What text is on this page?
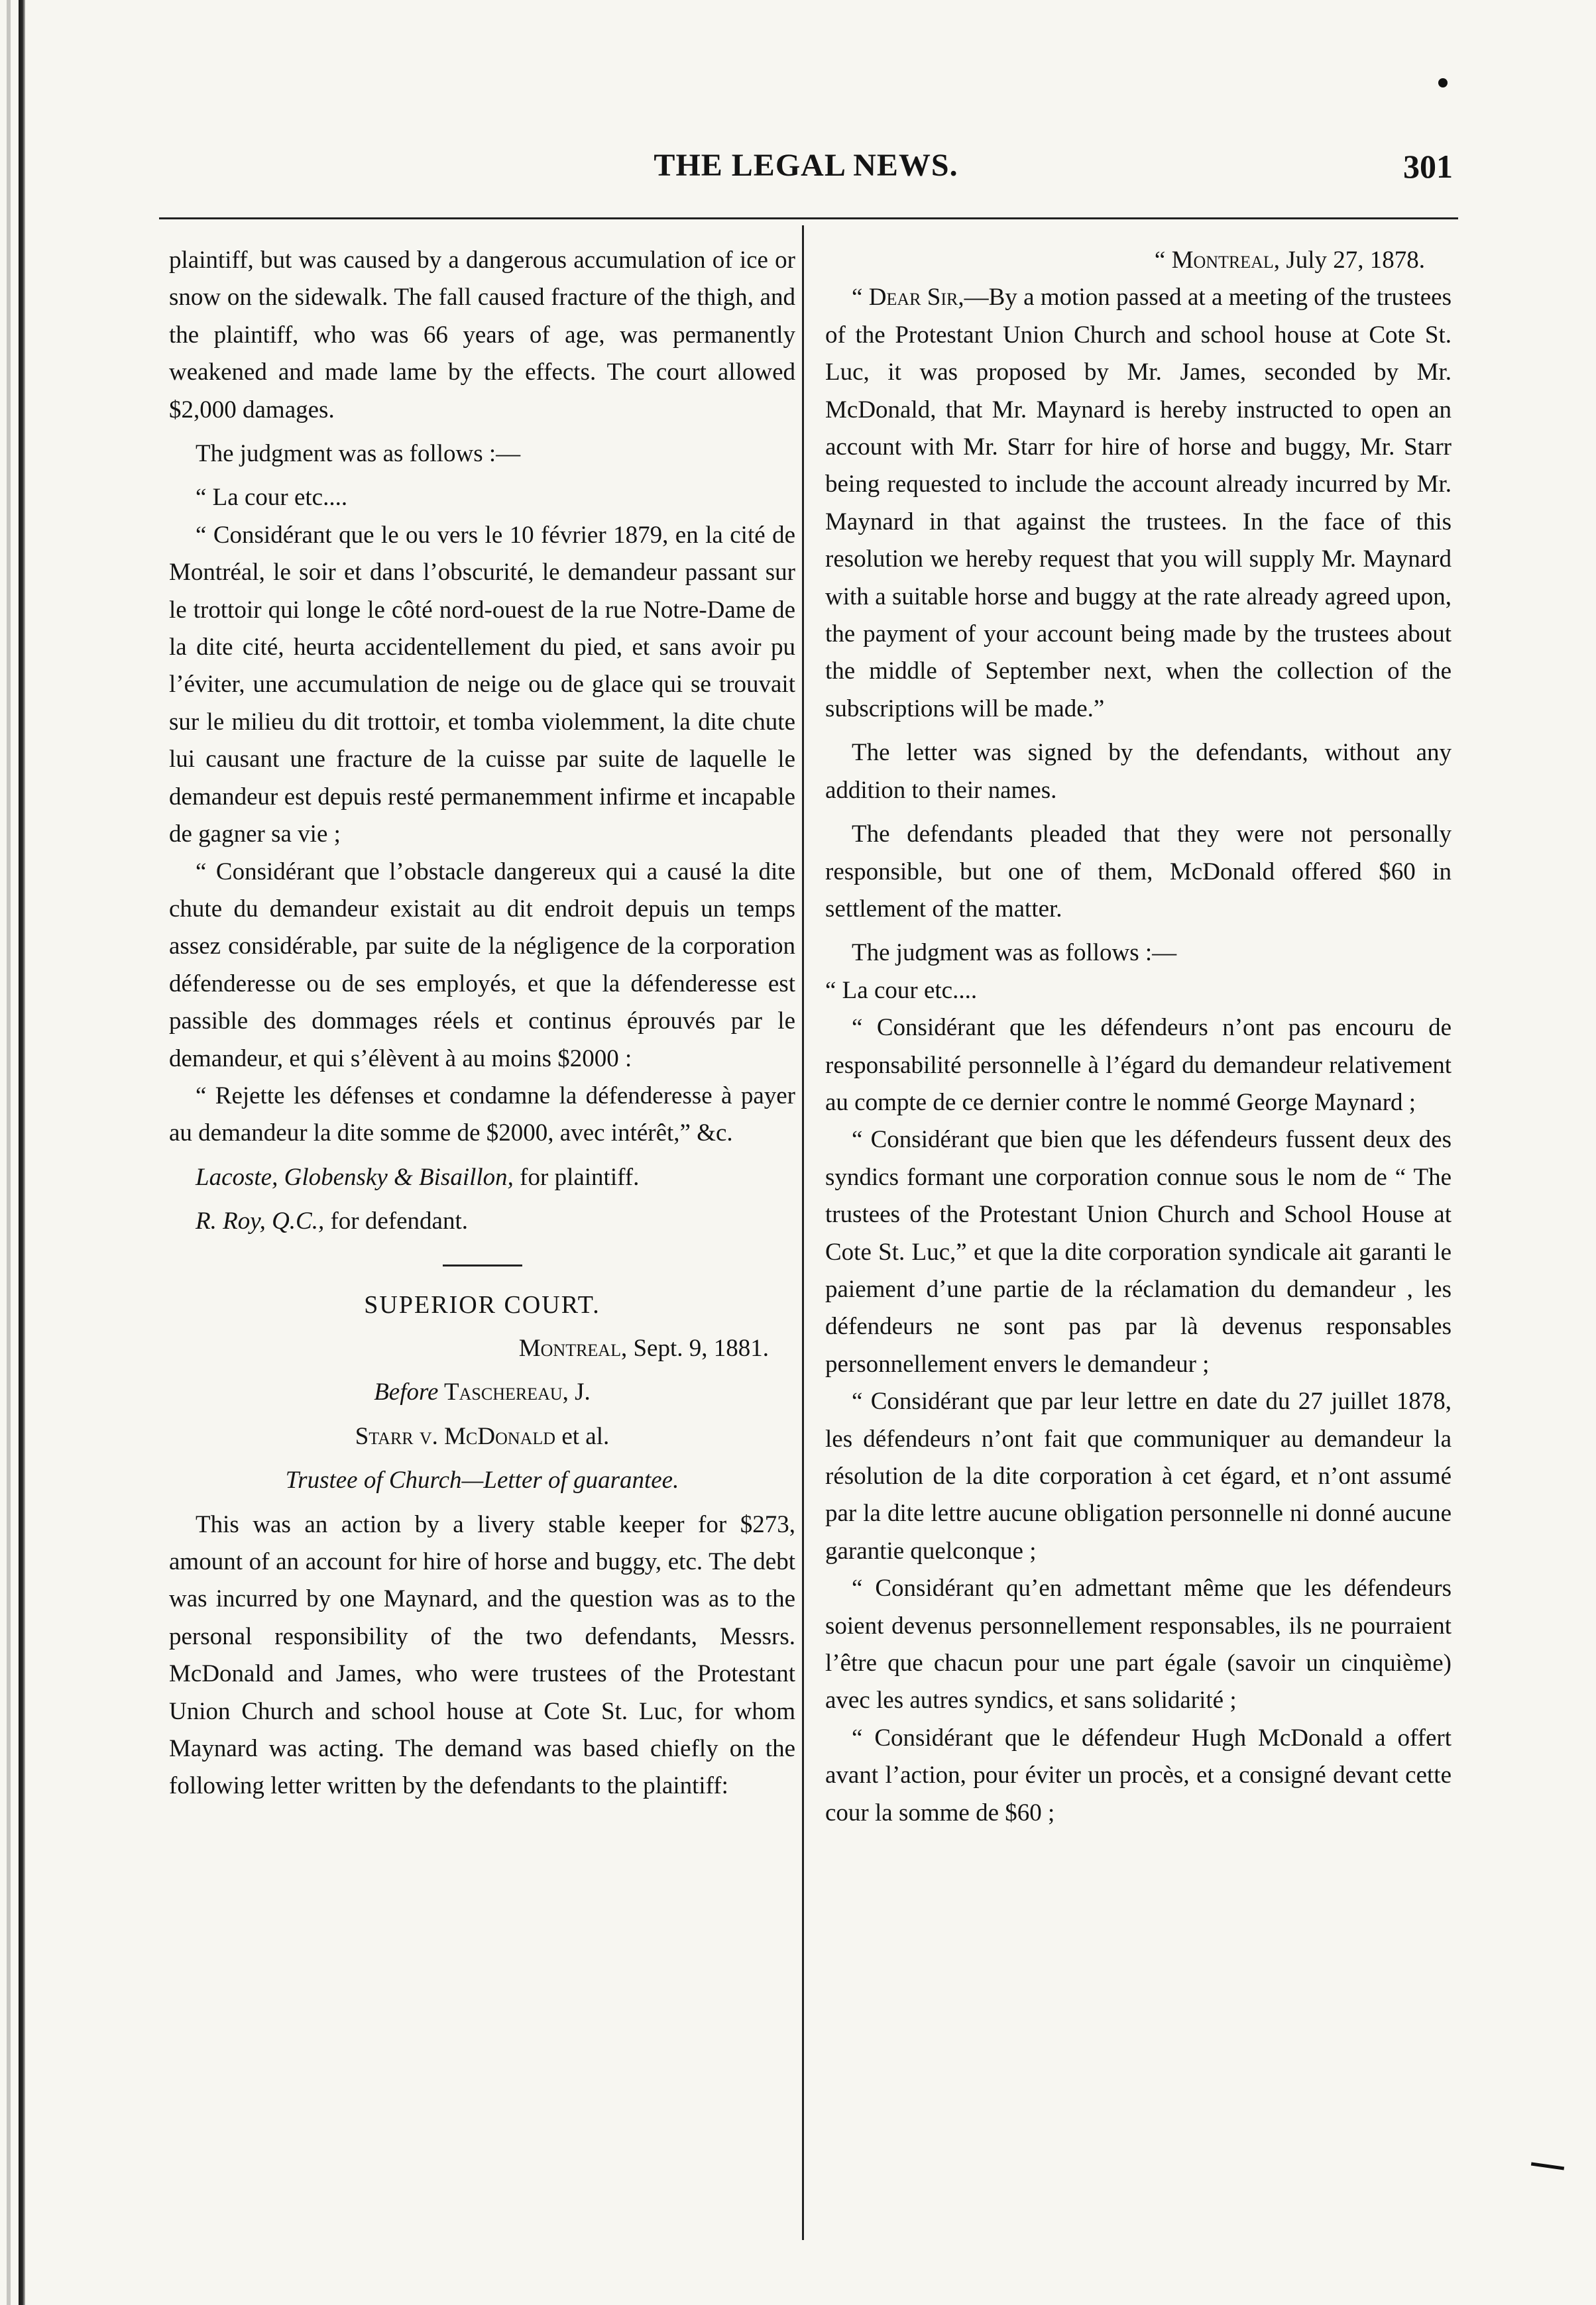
THE LEGAL NEWS.	301

plaintiff, but was caused by a dangerous accumulation of ice or snow on the sidewalk. The fall caused fracture of the thigh, and the plaintiff, who was 66 years of age, was permanently weakened and made lame by the effects. The court allowed $2,000 damages.

The judgment was as follows :—

“ La cour etc....

“ Considérant que le ou vers le 10 février 1879, en la cité de Montréal, le soir et dans l’obscurité, le demandeur passant sur le trottoir qui longe le côté nord-ouest de la rue Notre-Dame de la dite cité, heurta accidentellement du pied, et sans avoir pu l’éviter, une accumulation de neige ou de glace qui se trouvait sur le milieu du dit trottoir, et tomba violemment, la dite chute lui causant une fracture de la cuisse par suite de laquelle le demandeur est depuis resté permanemment infirme et incapable de gagner sa vie ;

“ Considérant que l’obstacle dangereux qui a causé la dite chute du demandeur existait au dit endroit depuis un temps assez considérable, par suite de la négligence de la corporation défenderesse ou de ses employés, et que la défenderesse est passible des dommages réels et continus éprouvés par le demandeur, et qui s’élèvent à au moins $2000 :

“ Rejette les défenses et condamne la défenderesse à payer au demandeur la dite somme de $2000, avec intérêt,” &c.

Lacoste, Globensky & Bisaillon, for plaintiff.

R. Roy, Q.C., for defendant.

SUPERIOR COURT.

Montreal, Sept. 9, 1881.

Before Taschereau, J.

Starr v. McDonald et al.

Trustee of Church—Letter of guarantee.

This was an action by a livery stable keeper for $273, amount of an account for hire of horse and buggy, etc. The debt was incurred by one Maynard, and the question was as to the personal responsibility of the two defendants, Messrs. McDonald and James, who were trustees of the Protestant Union Church and school house at Cote St. Luc, for whom Maynard was acting. The demand was based chiefly on the following letter written by the defendants to the plaintiff:

“ Montreal, July 27, 1878.

“ Dear Sir,—By a motion passed at a meeting of the trustees of the Protestant Union Church and school house at Cote St. Luc, it was proposed by Mr. James, seconded by Mr. McDonald, that Mr. Maynard is hereby instructed to open an account with Mr. Starr for hire of horse and buggy, Mr. Starr being requested to include the account already incurred by Mr. Maynard in that against the trustees. In the face of this resolution we hereby request that you will supply Mr. Maynard with a suitable horse and buggy at the rate already agreed upon, the payment of your account being made by the trustees about the middle of September next, when the collection of the subscriptions will be made.”

The letter was signed by the defendants, without any addition to their names.

The defendants pleaded that they were not personally responsible, but one of them, McDonald offered $60 in settlement of the matter.

The judgment was as follows :—

“ La cour etc....

“ Considérant que les défendeurs n’ont pas encouru de responsabilité personnelle à l’égard du demandeur relativement au compte de ce dernier contre le nommé George Maynard ;

“ Considérant que bien que les défendeurs fussent deux des syndics formant une corporation connue sous le nom de “ The trustees of the Protestant Union Church and School House at Cote St. Luc,” et que la dite corporation syndicale ait garanti le paiement d’une partie de la réclamation du demandeur , les défendeurs ne sont pas par là devenus responsables personnellement envers le demandeur ;

“ Considérant que par leur lettre en date du 27 juillet 1878, les défendeurs n’ont fait que communiquer au demandeur la résolution de la dite corporation à cet égard, et n’ont assumé par la dite lettre aucune obligation personnelle ni donné aucune garantie quelconque ;

“ Considérant qu’en admettant même que les défendeurs soient devenus personnellement responsables, ils ne pourraient l’être que chacun pour une part égale (savoir un cinquième) avec les autres syndics, et sans solidarité ;

“ Considérant que le défendeur Hugh McDonald a offert avant l’action, pour éviter un procès, et a consigné devant cette cour la somme de $60 ;
